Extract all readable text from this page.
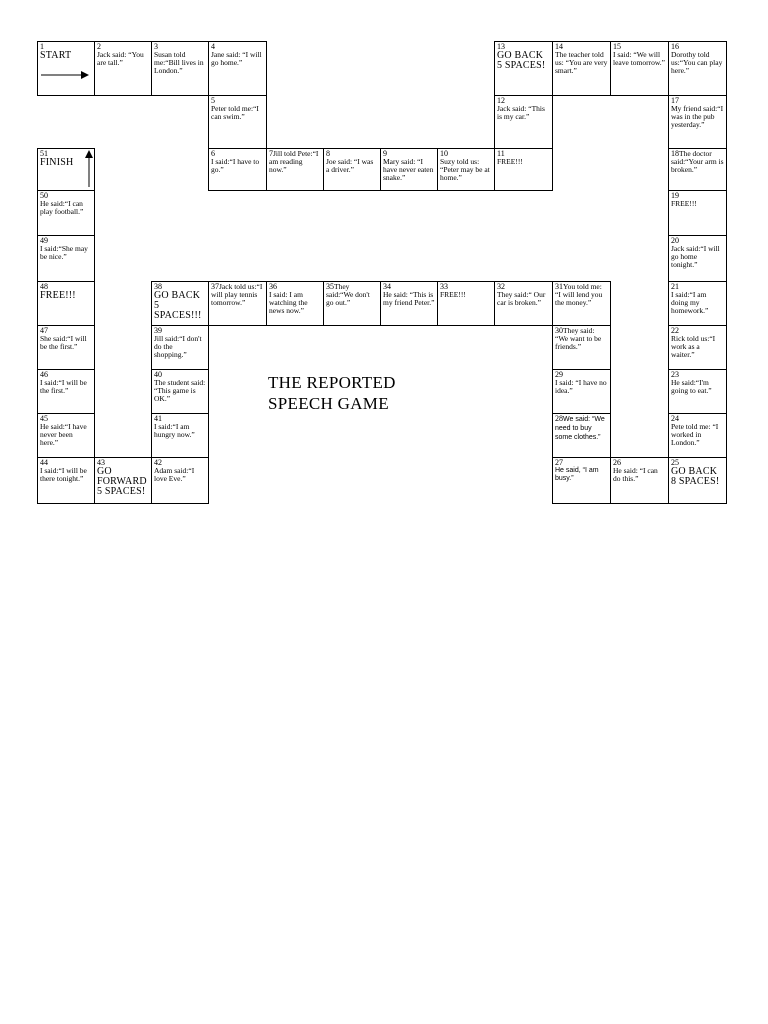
1
START
2
Jack said: “You are tall.”
3
Susan told me:“Bill lives in London.”
4
Jane said: “I will go home.”
5
Peter told me:“I can swim.”
6
I said:“I have to go.”
7Jill told Pete:“I am reading now.”
8
Joe said: “I was a driver.”
9
Mary said: “I have never eaten snake.”
10
Suzy told us: “Peter may be at home.”
11
FREE!!!
12
Jack said: “This is my car.”
13
GO BACK 5 SPACES!
14
The teacher told us: “You are very smart.”
15
I said: “We will leave tomorrow.”
16
Dorothy told us:“You can play here.”
17
My friend said:“I was in the pub yesterday.”
18The doctor said:“Your arm is broken.”
19
FREE!!!
20
Jack said:“I will go home tonight.”
21
I said:“I am doing my homework.”
22
Rick told us:“I work as a waiter.”
23
He said:“I'm going to eat.”
24
Pete told me: “I worked in London.”
25
GO BACK 8 SPACES!
26
He said: “I can do this.”
27
He said, “I am busy.”
28We said: “We need to buy some clothes.”
29
I said: “I have no idea.”
30They said: “We want to be friends.”
31You told me: “I will lend you the money.”
32
They said:“ Our car is broken.”
33
FREE!!!
34
He said: “This is my friend Peter.”
35They said:“We don't go out.”
36
I said: I am watching the news now.”
37Jack told us:“I will play tennis tomorrow.”
38
GO BACK 5 SPACES!!!
39
Jill said:“I don't do the shopping.”
40
The student said: “This game is OK.”
41
I said:“I am hungry now.”
42
Adam said:“I love Eve.”
43
GO FORWARD 5 SPACES!
44
I said:“I will be there tonight.”
45
He said:“I have never been here.”
46
I said:“I will be the first.”
47
She said:“I will be the first.”
48
FREE!!!
49
I said:“She may be nice.”
50
He said:“I can play football.”
51
FINISH
THE REPORTED
SPEECH GAME
